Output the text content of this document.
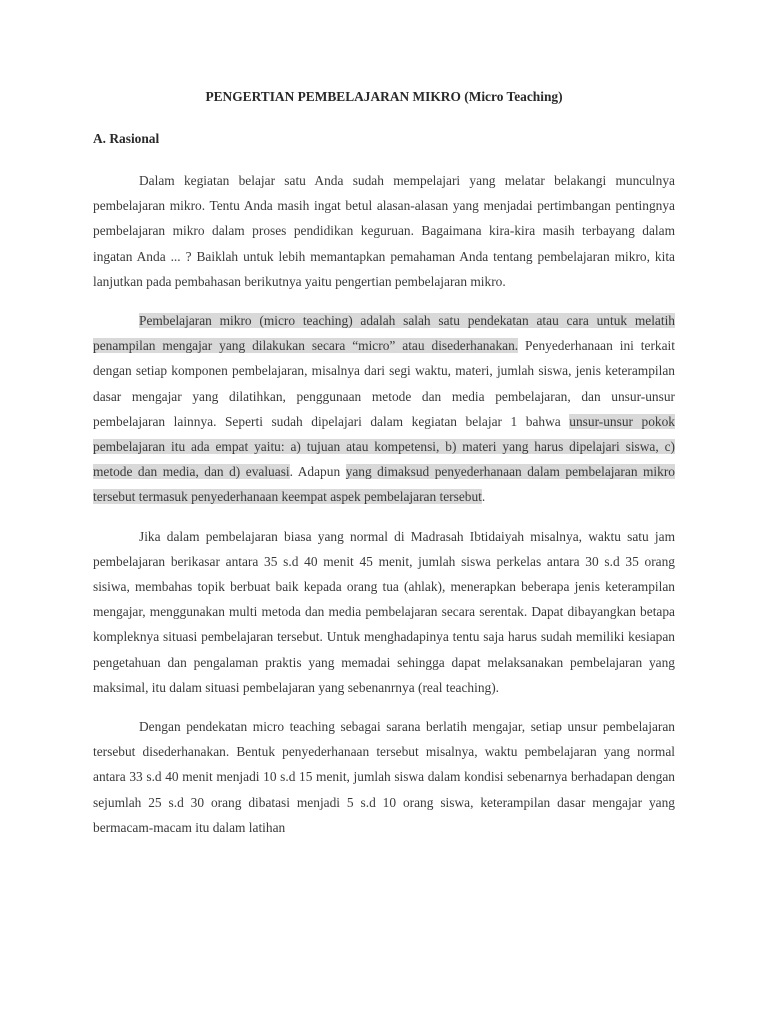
PENGERTIAN PEMBELAJARAN MIKRO (Micro Teaching)
A. Rasional

Dalam kegiatan belajar satu Anda sudah mempelajari yang melatar belakangi munculnya pembelajaran mikro. Tentu Anda masih ingat betul alasan-alasan yang menjadai pertimbangan pentingnya pembelajaran mikro dalam proses pendidikan keguruan. Bagaimana kira-kira masih terbayang dalam ingatan Anda ... ? Baiklah untuk lebih memantapkan pemahaman Anda tentang pembelajaran mikro, kita lanjutkan pada pembahasan berikutnya yaitu pengertian pembelajaran mikro.

Pembelajaran mikro (micro teaching) adalah salah satu pendekatan atau cara untuk melatih penampilan mengajar yang dilakukan secara “micro” atau disederhanakan. Penyederhanaan ini terkait dengan setiap komponen pembelajaran, misalnya dari segi waktu, materi, jumlah siswa, jenis keterampilan dasar mengajar yang dilatihkan, penggunaan metode dan media pembelajaran, dan unsur-unsur pembelajaran lainnya. Seperti sudah dipelajari dalam kegiatan belajar 1 bahwa unsur-unsur pokok pembelajaran itu ada empat yaitu: a) tujuan atau kompetensi, b) materi yang harus dipelajari siswa, c) metode dan media, dan d) evaluasi. Adapun yang dimaksud penyederhanaan dalam pembelajaran mikro tersebut termasuk penyederhanaan keempat aspek pembelajaran tersebut.

Jika dalam pembelajaran biasa yang normal di Madrasah Ibtidaiyah misalnya, waktu satu jam pembelajaran berikasar antara 35 s.d 40 menit 45 menit, jumlah siswa perkelas antara 30 s.d 35 orang sisiwa, membahas topik berbuat baik kepada orang tua (ahlak), menerapkan beberapa jenis keterampilan mengajar, menggunakan multi metoda dan media pembelajaran secara serentak. Dapat dibayangkan betapa kompleknya situasi pembelajaran tersebut. Untuk menghadapinya tentu saja harus sudah memiliki kesiapan pengetahuan dan pengalaman praktis yang memadai sehingga dapat melaksanakan pembelajaran yang maksimal, itu dalam situasi pembelajaran yang sebenanrnya (real teaching).

Dengan pendekatan micro teaching sebagai sarana berlatih mengajar, setiap unsur pembelajaran tersebut disederhanakan. Bentuk penyederhanaan tersebut misalnya, waktu pembelajaran yang normal antara 33 s.d 40 menit menjadi 10 s.d 15 menit, jumlah siswa dalam kondisi sebenarnya berhadapan dengan sejumlah 25 s.d 30 orang dibatasi menjadi 5 s.d 10 orang siswa, keterampilan dasar mengajar yang bermacam-macam itu dalam latihan
